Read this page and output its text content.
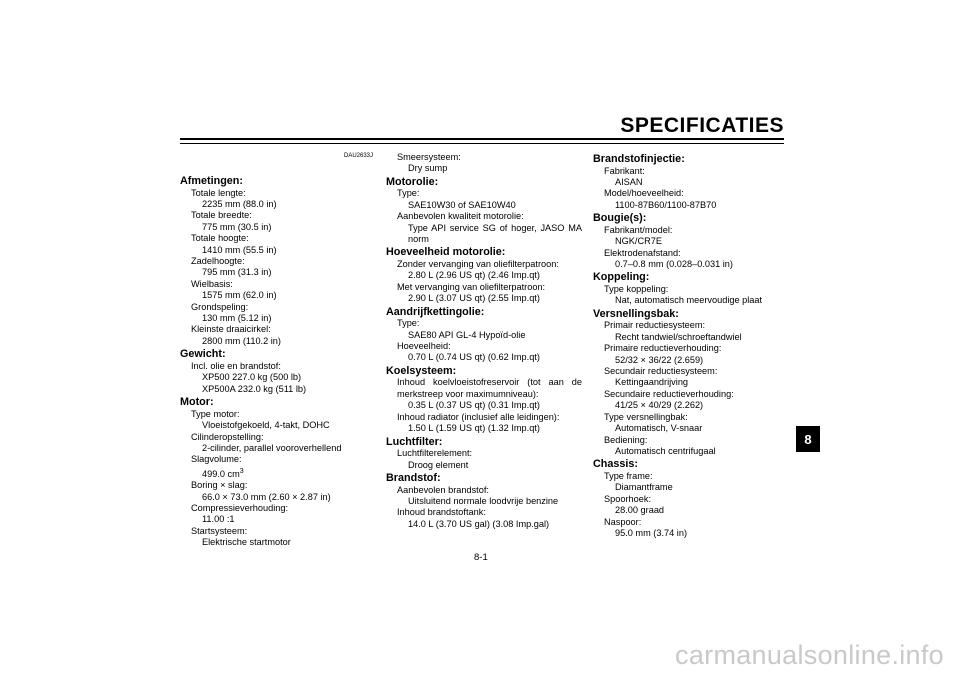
SPECIFICATIES
DAU2633J
Afmetingen:
Totale lengte:
2235 mm (88.0 in)
Totale breedte:
775 mm (30.5 in)
Totale hoogte:
1410 mm (55.5 in)
Zadelhoogte:
795 mm (31.3 in)
Wielbasis:
1575 mm (62.0 in)
Grondspeling:
130 mm (5.12 in)
Kleinste draaicirkel:
2800 mm (110.2 in)
Gewicht:
Incl. olie en brandstof:
XP500 227.0 kg (500 lb)
XP500A 232.0 kg (511 lb)
Motor:
Type motor:
Vloeistofgekoeld, 4-takt, DOHC
Cilinderopstelling:
2-cilinder, parallel vooroverhellend
Slagvolume:
499.0 $cm^3$
Boring × slag:
66.0 × 73.0 mm (2.60 × 2.87 in)
Compressieverhouding:
11.00 :1
Startsysteem:
Elektrische startmotor
Smeersysteem:
Dry sump
Motorolie:
Type:
SAE10W30 of SAE10W40
Aanbevolen kwaliteit motorolie:
Type API service SG of hoger, JASO MA norm
Hoeveelheid motorolie:
Zonder vervanging van oliefilterpatroon:
2.80 L (2.96 US qt) (2.46 Imp.qt)
Met vervanging van oliefilterpatroon:
2.90 L (3.07 US qt) (2.55 Imp.qt)
Aandrijfkettingolie:
Type:
SAE80 API GL-4 Hypoïd-olie
Hoeveelheid:
0.70 L (0.74 US qt) (0.62 Imp.qt)
Koelsysteem:
Inhoud koelvloeistofreservoir (tot aan de merkstreep voor maximumniveau):
0.35 L (0.37 US qt) (0.31 Imp.qt)
Inhoud radiator (inclusief alle leidingen):
1.50 L (1.59 US qt) (1.32 Imp.qt)
Luchtfilter:
Luchtfilterelement:
Droog element
Brandstof:
Aanbevolen brandstof:
Uitsluitend normale loodvrije benzine
Inhoud brandstoftank:
14.0 L (3.70 US gal) (3.08 Imp.gal)
Brandstofinjectie:
Fabrikant:
AISAN
Model/hoeveelheid:
1100-87B60/1100-87B70
Bougie(s):
Fabrikant/model:
NGK/CR7E
Elektrodenafstand:
0.7–0.8 mm (0.028–0.031 in)
Koppeling:
Type koppeling:
Nat, automatisch meervoudige plaat
Versnellingsbak:
Primair reductiesysteem:
Recht tandwiel/schroeftandwiel
Primaire reductieverhouding:
52/32 × 36/22 (2.659)
Secundair reductiesysteem:
Kettingaandrijving
Secundaire reductieverhouding:
41/25 × 40/29 (2.262)
Type versnellingbak:
Automatisch, V-snaar
Bediening:
Automatisch centrifugaal
Chassis:
Type frame:
Diamantframe
Spoorhoek:
28.00 graad
Naspoor:
95.0 mm (3.74 in)
8
8-1
carmanualsonline.info
